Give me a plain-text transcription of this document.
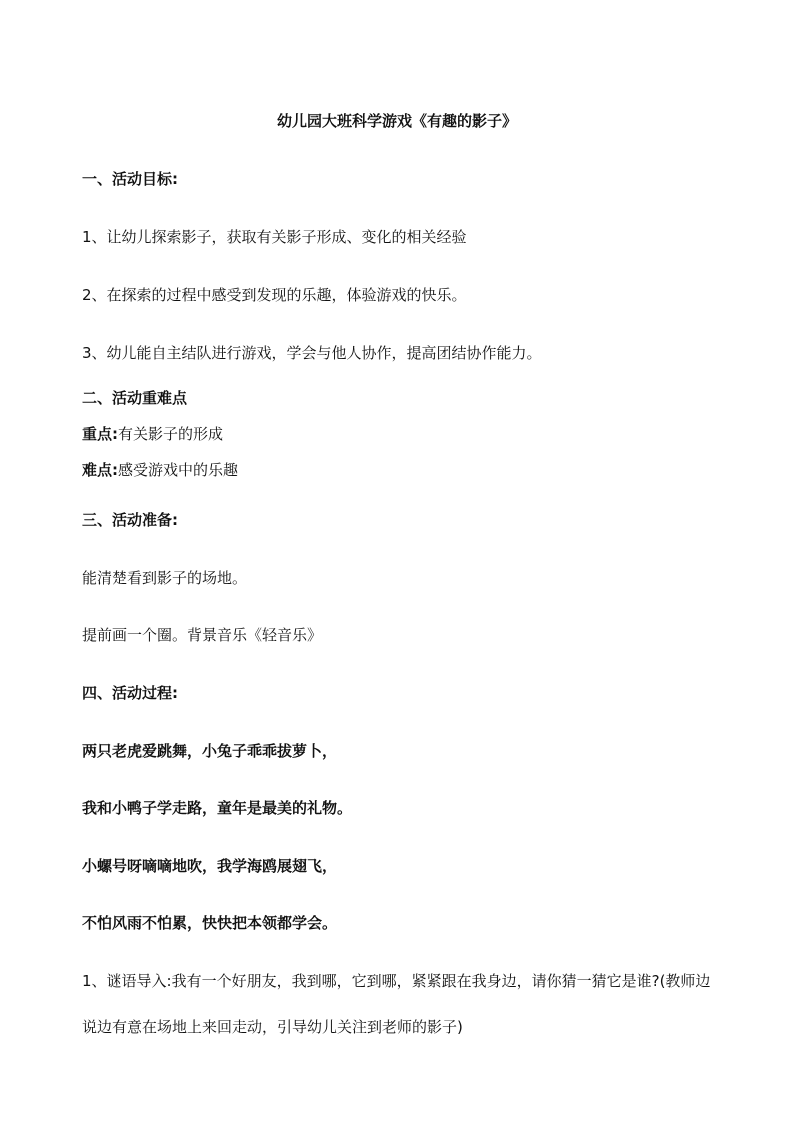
幼儿园大班科学游戏《有趣的影子》
一、活动目标:
1、让幼儿探索影子，获取有关影子形成、变化的相关经验
2、在探索的过程中感受到发现的乐趣，体验游戏的快乐。
3、幼儿能自主结队进行游戏，学会与他人协作，提高团结协作能力。
二、活动重难点
重点:有关影子的形成
难点:感受游戏中的乐趣
三、活动准备:
能清楚看到影子的场地。
提前画一个圈。背景音乐《轻音乐》
四、活动过程:
两只老虎爱跳舞，小兔子乖乖拔萝卜，
我和小鸭子学走路，童年是最美的礼物。
小螺号呀嘀嘀地吹，我学海鸥展翅飞，
不怕风雨不怕累，快快把本领都学会。
1、谜语导入:我有一个好朋友，我到哪，它到哪，紧紧跟在我身边，请你猜一猜它是谁?(教师边说边有意在场地上来回走动，引导幼儿关注到老师的影子)
